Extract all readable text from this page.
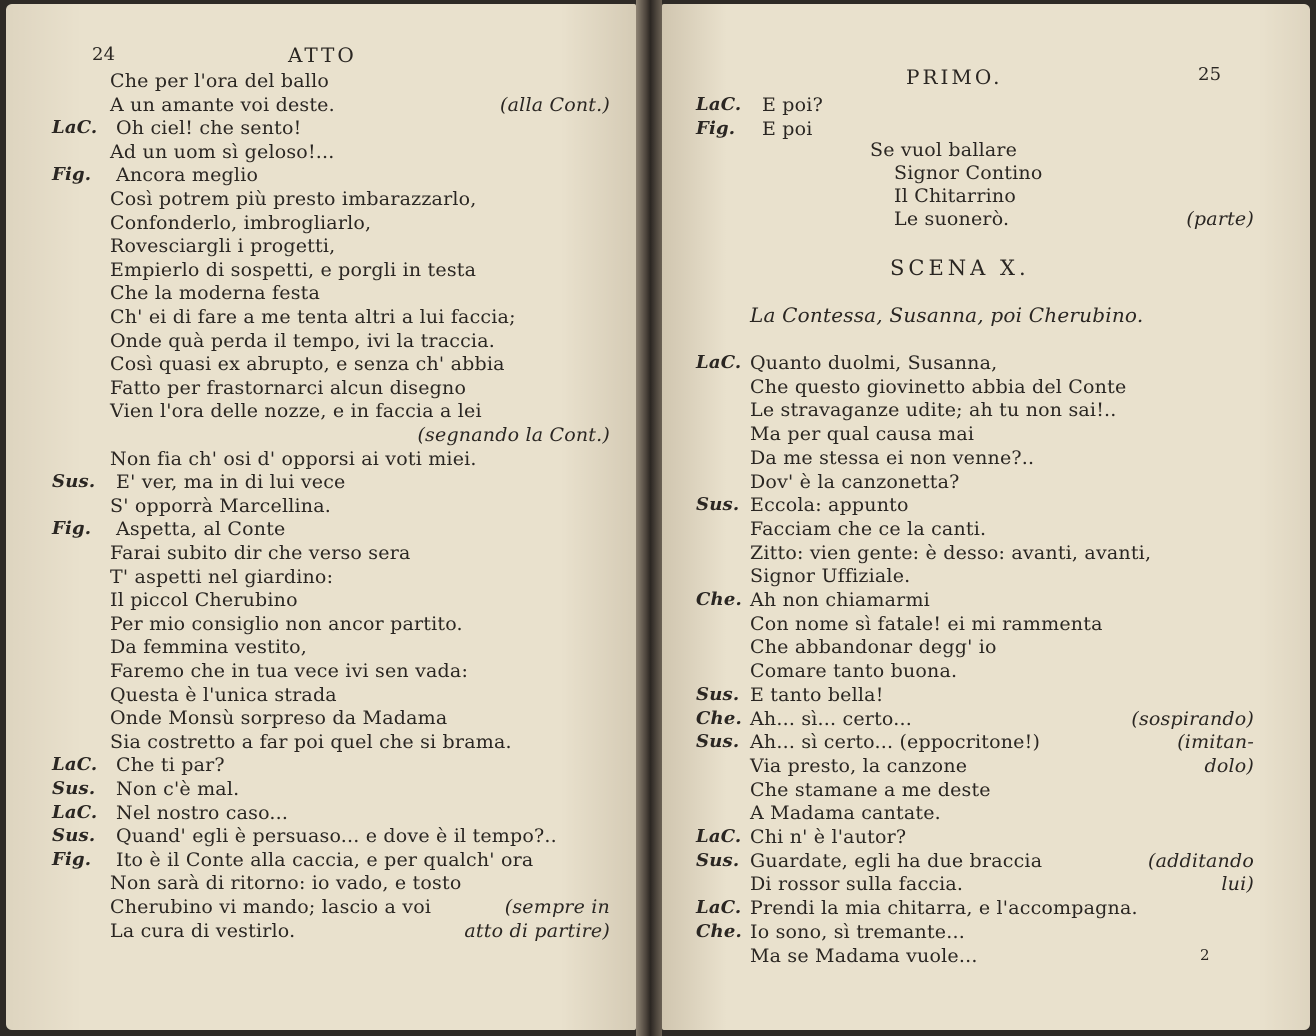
24	ATTO
Che per l'ora del ballo
A un amante voi deste.	(alla Cont.)
LaC. Oh ciel! che sento!
Ad un uom sì geloso!...
Fig. Ancora meglio
Così potrem più presto imbarazzarlo,
Confonderlo, imbrogliarlo,
Rovesciargli i progetti,
Empierlo di sospetti, e porgli in testa
Che la moderna festa
Ch' ei di fare a me tenta altri a lui faccia;
Onde quà perda il tempo, ivi la traccia.
Così quasi ex abrupto, e senza ch' abbia
Fatto per frastornarci alcun disegno
Vien l'ora delle nozze, e in faccia a lei
(segnando la Cont.)
Non fia ch' osi d' opporsi ai voti miei.
Sus. E' ver, ma in di lui vece
S' opporrà Marcellina.
Fig. Aspetta, al Conte
Farai subito dir che verso sera
T' aspetti nel giardino:
Il piccol Cherubino
Per mio consiglio non ancor partito.
Da femmina vestito,
Faremo che in tua vece ivi sen vada:
Questa è l'unica strada
Onde Monsù sorpreso da Madama
Sia costretto a far poi quel che si brama.
LaC. Che ti par?
Sus. Non c'è mal.
LaC. Nel nostro caso...
Sus. Quand' egli è persuaso... e dove è il tempo?..
Fig. Ito è il Conte alla caccia, e per qualch' ora
Non sarà di ritorno: io vado, e tosto
Cherubino vi mando; lascio a voi	(sempre in
La cura di vestirlo.	atto di partire)
PRIMO.	25
SCENA X.
La Contessa, Susanna, poi Cherubino.
2
LaC. E poi?
Fig. E poi
Se vuol ballare
Signor Contino
Il Chitarrino
Le suonerò.	(parte)
LaC. Quanto duolmi, Susanna,
Che questo giovinetto abbia del Conte
Le stravaganze udite; ah tu non sai!..
Ma per qual causa mai
Da me stessa ei non venne?..
Dov' è la canzonetta?
Sus. Eccola: appunto
Facciam che ce la canti.
Zitto: vien gente: è desso: avanti, avanti,
Signor Uffiziale.
Che. Ah non chiamarmi
Con nome sì fatale! ei mi rammenta
Che abbandonar degg' io
Comare tanto buona.
Sus. E tanto bella!
Che. Ah... sì... certo...	(sospirando)
Sus. Ah... sì certo... (eppocritone!)	(imitan-
Via presto, la canzone	dolo)
Che stamane a me deste
A Madama cantate.
LaC. Chi n' è l'autor?
Sus. Guardate, egli ha due braccia	(additando
Di rossor sulla faccia.	lui)
LaC. Prendi la mia chitarra, e l'accompagna.
Che. Io sono, sì tremante...
Ma se Madama vuole...
